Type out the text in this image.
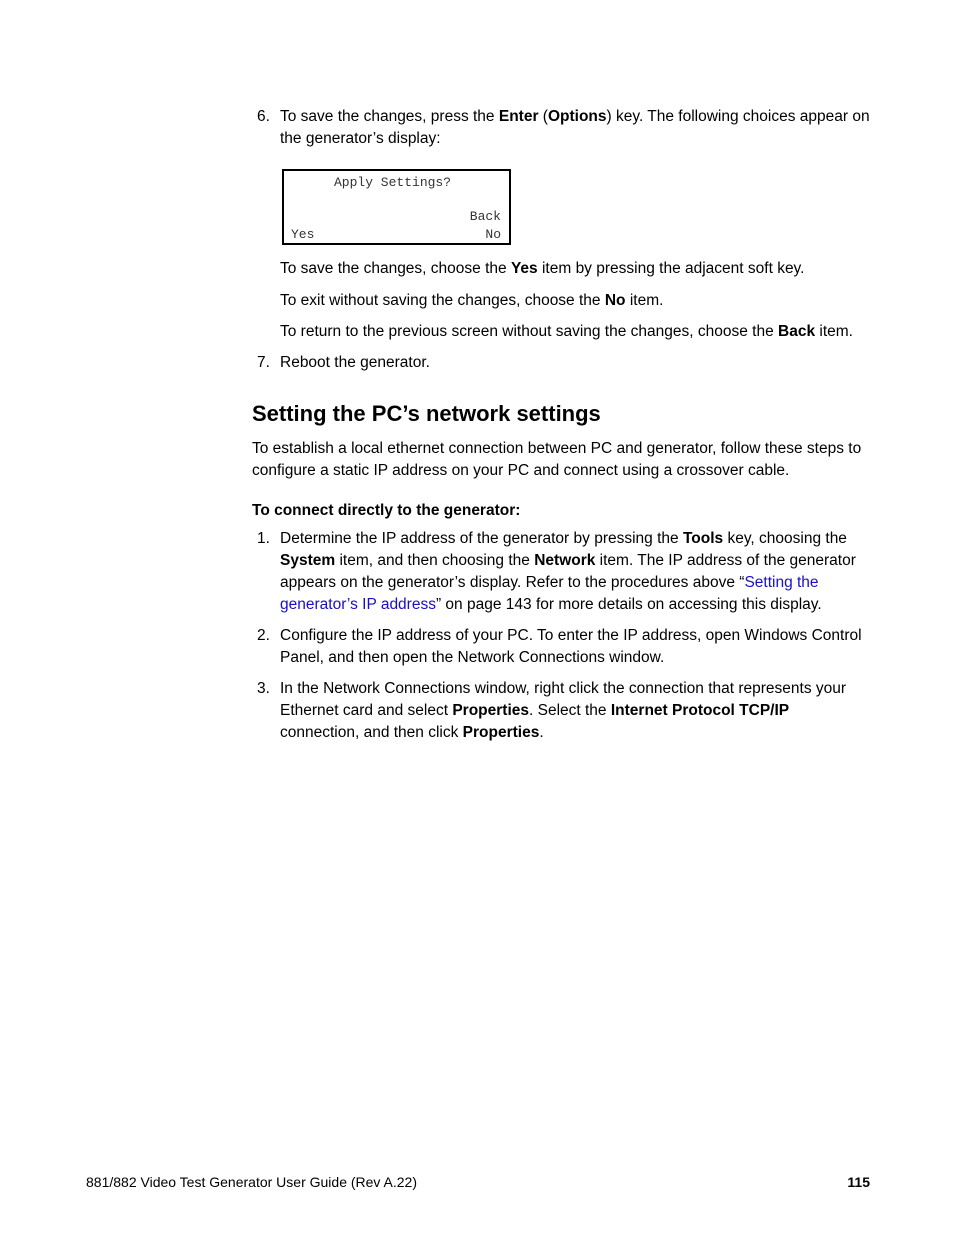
6. To save the changes, press the Enter (Options) key. The following choices appear on the generator’s display:
Apply Settings?
Back
Yes	No
To save the changes, choose the Yes item by pressing the adjacent soft key.
To exit without saving the changes, choose the No item.
To return to the previous screen without saving the changes, choose the Back item.
7. Reboot the generator.
Setting the PC’s network settings
To establish a local ethernet connection between PC and generator, follow these steps to configure a static IP address on your PC and connect using a crossover cable.
To connect directly to the generator:
1. Determine the IP address of the generator by pressing the Tools key, choosing the System item, and then choosing the Network item. The IP address of the generator appears on the generator’s display. Refer to the procedures above “Setting the generator’s IP address” on page 143 for more details on accessing this display.
2. Configure the IP address of your PC. To enter the IP address, open Windows Control Panel, and then open the Network Connections window.
3. In the Network Connections window, right click the connection that represents your Ethernet card and select Properties. Select the Internet Protocol TCP/IP connection, and then click Properties.
881/882 Video Test Generator User Guide (Rev A.22)	115
